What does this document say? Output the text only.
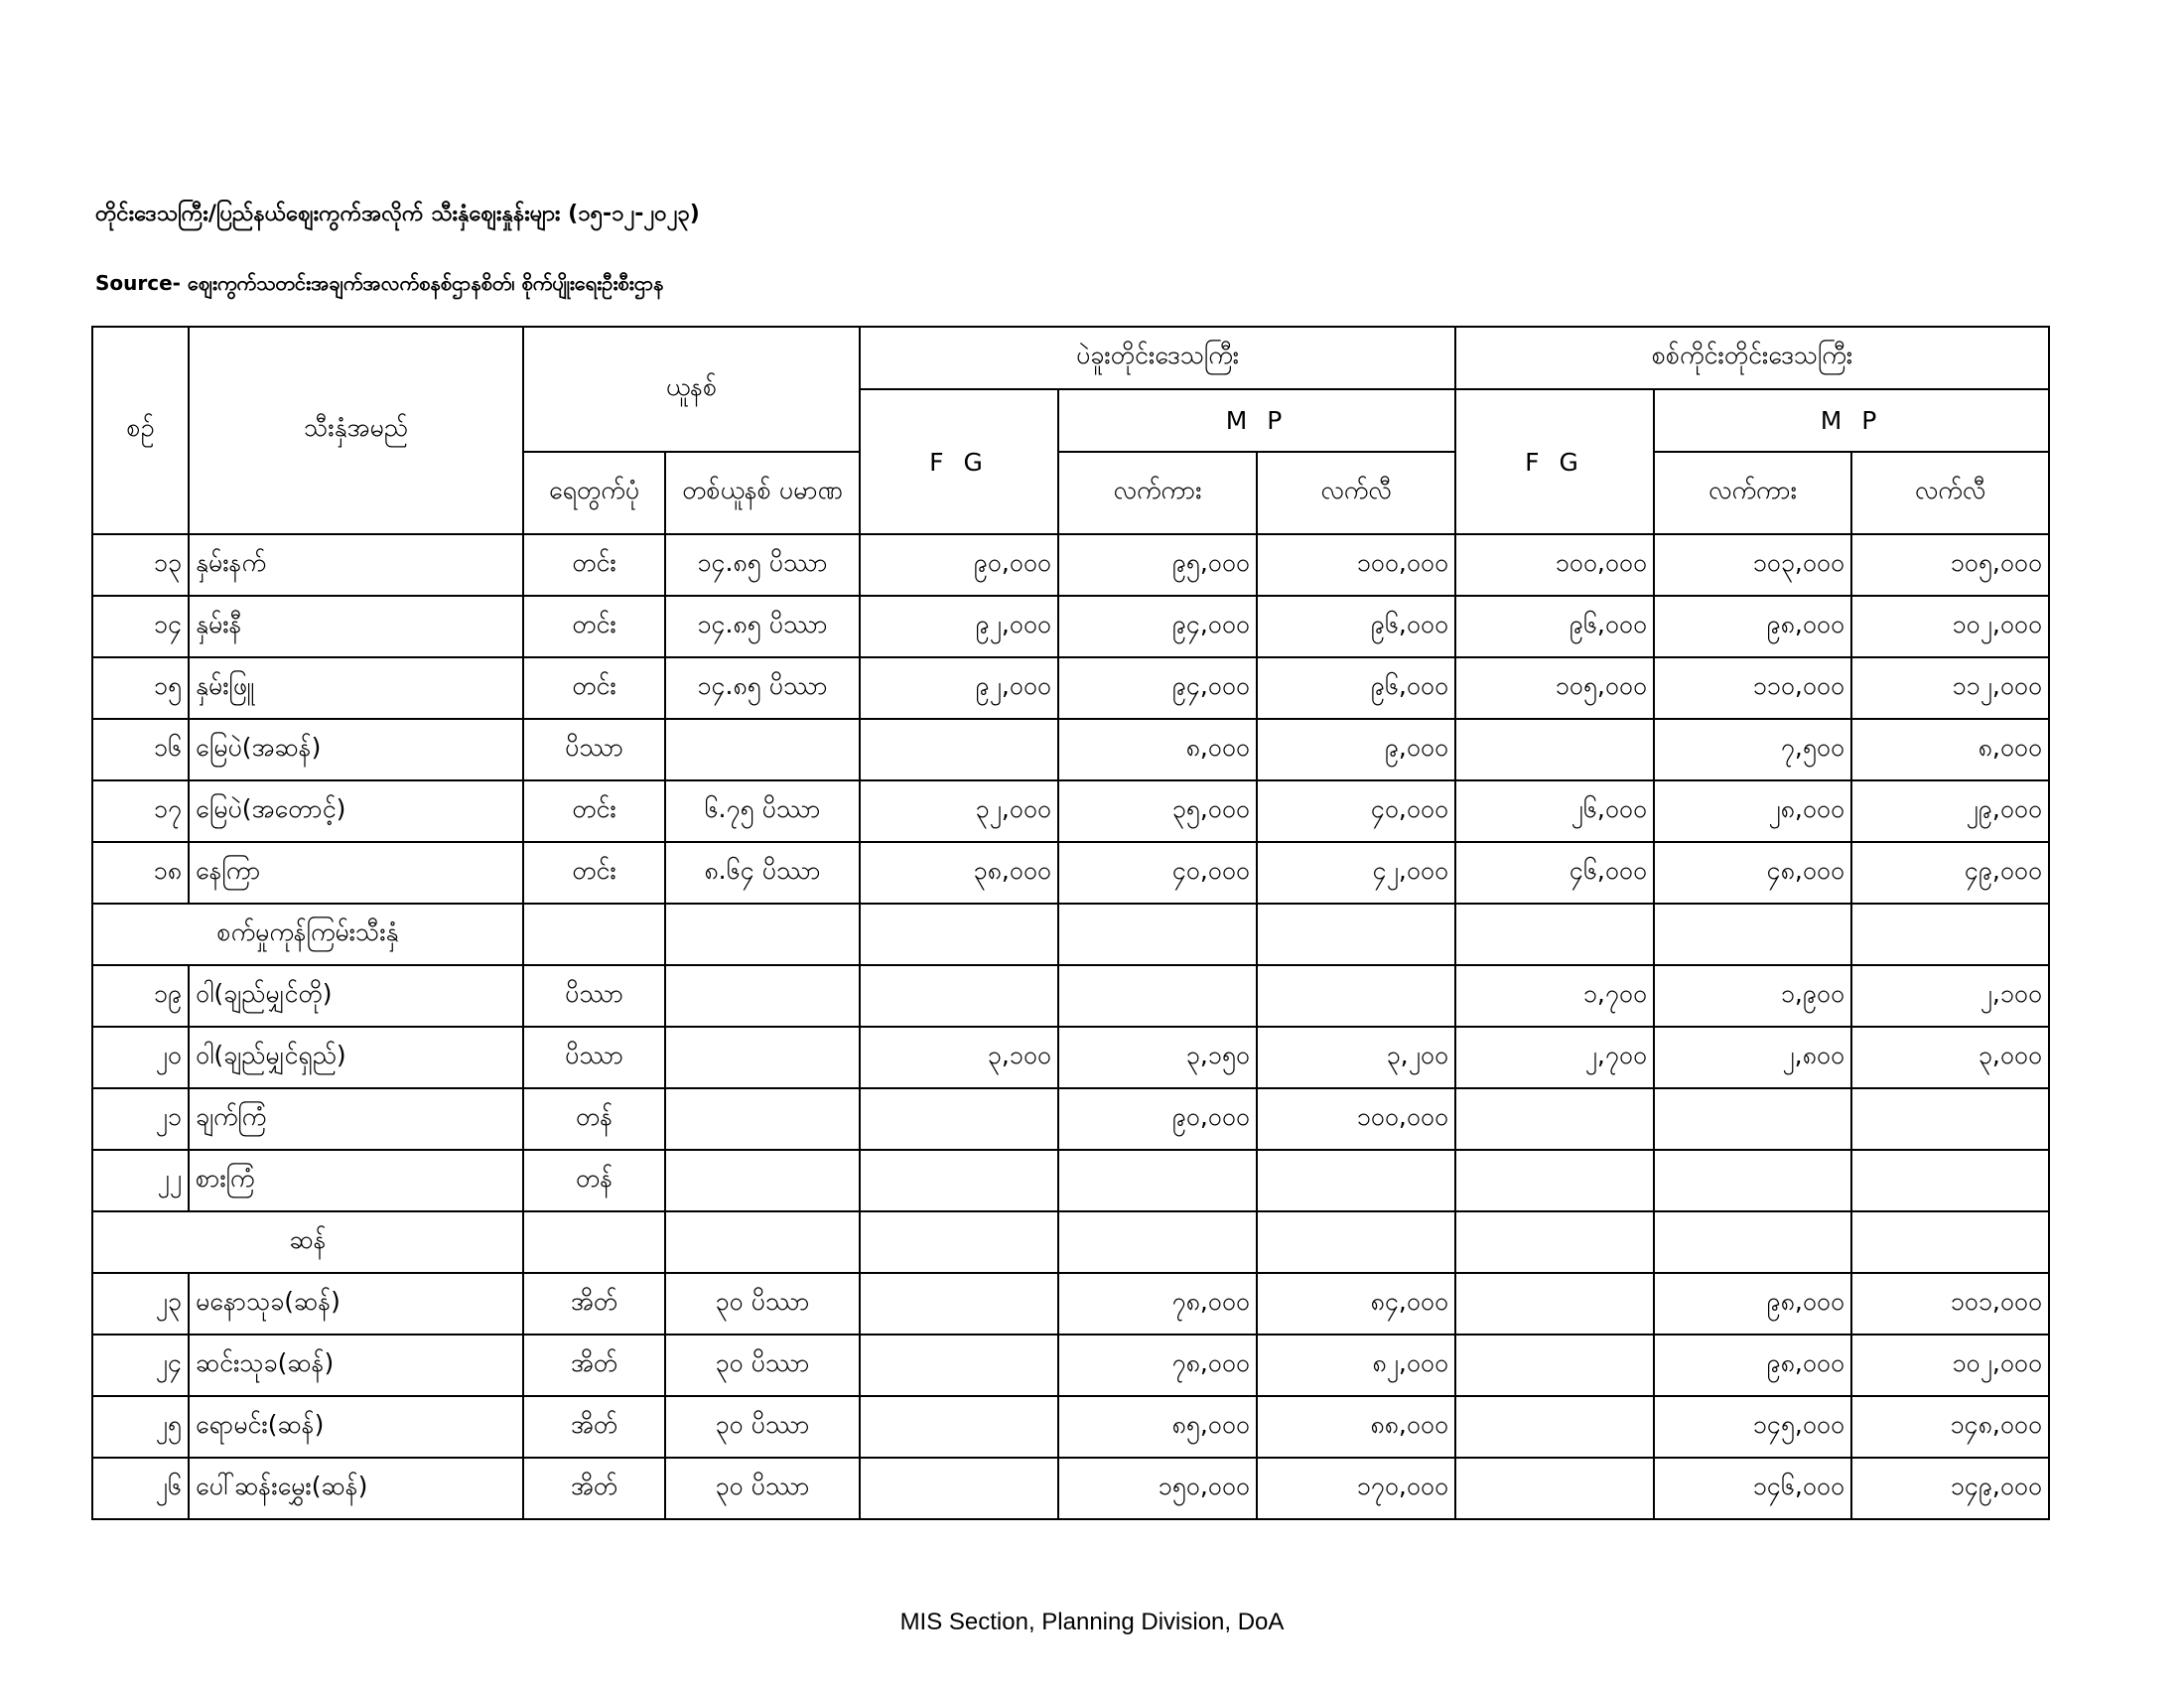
တိုင်းဒေသကြီး/ပြည်နယ်ဈေးကွက်အလိုက် သီးနှံဈေးနှုန်းများ (၁၅-၁၂-၂၀၂၃)
Source- ဈေးကွက်သတင်းအချက်အလက်စနစ်ဌာနစိတ်၊ စိုက်ပျိုးရေးဦးစီးဌာန
စဉ်	သီးနှံအမည်	ယူနစ်		ပဲခူးတိုင်းဒေသကြီး			စစ်ကိုင်းတိုင်းဒေသကြီး		
				F G	M P		F G	M P	
		ရေတွက်ပုံ	တစ်ယူနစ် ပမာဏ		လက်ကား	လက်လီ		လက်ကား	လက်လီ
၁၃	နှမ်းနက်	တင်း	၁၄.၈၅ ပိဿာ	၉၀,၀၀၀	၉၅,၀၀၀	၁၀၀,၀၀၀	၁၀၀,၀၀၀	၁၀၃,၀၀၀	၁၀၅,၀၀၀
၁၄	နှမ်းနီ	တင်း	၁၄.၈၅ ပိဿာ	၉၂,၀၀၀	၉၄,၀၀၀	၉၆,၀၀၀	၉၆,၀၀၀	၉၈,၀၀၀	၁၀၂,၀၀၀
၁၅	နှမ်းဖြူ	တင်း	၁၄.၈၅ ပိဿာ	၉၂,၀၀၀	၉၄,၀၀၀	၉၆,၀၀၀	၁၀၅,၀၀၀	၁၁၀,၀၀၀	၁၁၂,၀၀၀
၁၆	မြေပဲ(အဆန်)	ပိဿာ			၈,၀၀၀	၉,၀၀၀		၇,၅၀၀	၈,၀၀၀
၁၇	မြေပဲ(အတောင့်)	တင်း	၆.၇၅ ပိဿာ	၃၂,၀၀၀	၃၅,၀၀၀	၄၀,၀၀၀	၂၆,၀၀၀	၂၈,၀၀၀	၂၉,၀၀၀
၁၈	နေကြာ	တင်း	၈.၆၄ ပိဿာ	၃၈,၀၀၀	၄၀,၀၀၀	၄၂,၀၀၀	၄၆,၀၀၀	၄၈,၀၀၀	၄၉,၀၀၀
စက်မှုကုန်ကြမ်းသီးနှံ									
၁၉	ဝါ(ချည်မျှင်တို)	ပိဿာ					၁,၇၀၀	၁,၉၀၀	၂,၁၀၀
၂၀	ဝါ(ချည်မျှင်ရှည်)	ပိဿာ		၃,၁၀၀	၃,၁၅၀	၃,၂၀၀	၂,၇၀၀	၂,၈၀၀	၃,၀၀၀
၂၁	ချက်ကြံ	တန်			၉၀,၀၀၀	၁၀၀,၀၀၀			
၂၂	စားကြံ	တန်							
ဆန်									
၂၃	မနောသုခ(ဆန်)	အိတ်	၃၀ ပိဿာ		၇၈,၀၀၀	၈၄,၀၀၀		၉၈,၀၀၀	၁၀၁,၀၀၀
၂၄	ဆင်းသုခ(ဆန်)	အိတ်	၃၀ ပိဿာ		၇၈,၀၀၀	၈၂,၀၀၀		၉၈,၀၀၀	၁၀၂,၀၀၀
၂၅	ရောမင်း(ဆန်)	အိတ်	၃၀ ပိဿာ		၈၅,၀၀၀	၈၈,၀၀၀		၁၄၅,၀၀၀	၁၄၈,၀၀၀
၂၆	ပေါ်ဆန်းမွှေး(ဆန်)	အိတ်	၃၀ ပိဿာ		၁၅၀,၀၀၀	၁၇၀,၀၀၀		၁၄၆,၀၀၀	၁၄၉,၀၀၀
MIS Section, Planning Division, DoA
